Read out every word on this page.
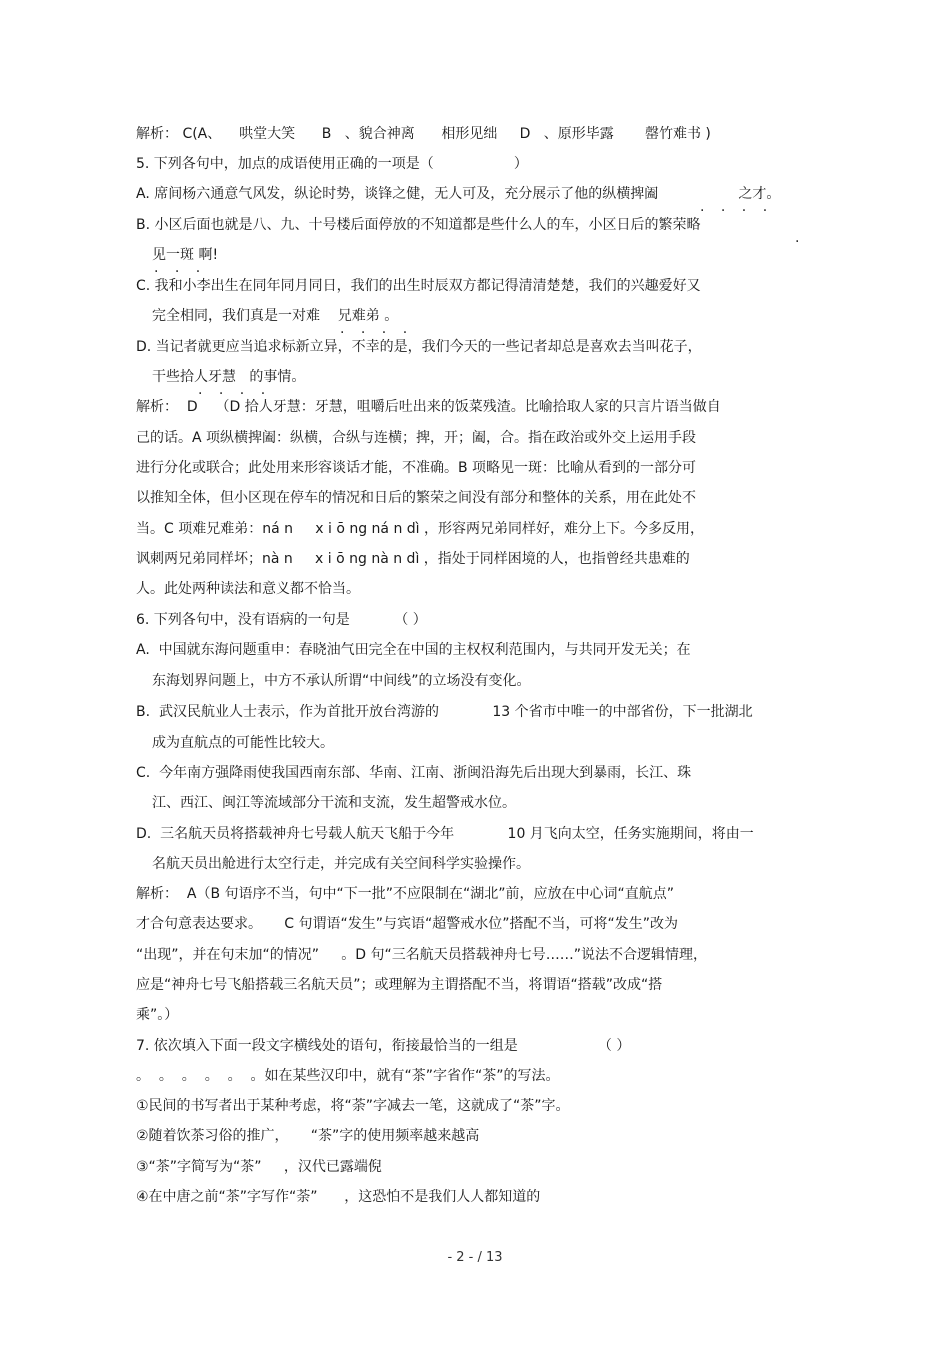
解析： C(A、    哄堂大笑      B   、貌合神离      相形见绌     D   、原形毕露       罄竹难书 )
5. 下列各句中，加点的成语使用正确的一项是（                  ）
A. 席间杨六通意气风发，纵论时势，谈锋之健，无人可及，充分展示了他的纵横捭阖                  之才。
. . . .
B. 小区后面也就是八、九、十号楼后面停放的不知道都是些什么人的车，小区日后的繁荣略
.
见一斑 啊!
. . .
C. 我和小李出生在同年同月同日，我们的出生时辰双方都记得清清楚楚，我们的兴趣爱好又
完全相同，我们真是一对难    兄难弟 。
. . . .
D. 当记者就更应当追求标新立异，不幸的是，我们今天的一些记者却总是喜欢去当叫花子，
干些拾人牙慧   的事情。
. . . .
解析：  D    （D 拾人牙慧：牙慧，咀嚼后吐出来的饭菜残渣。比喻拾取人家的只言片语当做自
己的话。A 项纵横捭阖：纵横，合纵与连横；捭，开；阖，合。指在政治或外交上运用手段
进行分化或联合；此处用来形容谈话才能，不准确。B 项略见一斑：比喻从看到的一部分可
以推知全体，但小区现在停车的情况和日后的繁荣之间没有部分和整体的关系，用在此处不
当。C 项难兄难弟：ná n     x i ō ng ná n dì ，形容两兄弟同样好，难分上下。今多反用，
讽刺两兄弟同样坏；nà n     x i ō ng nà n dì ，指处于同样困境的人，也指曾经共患难的
人。此处两种读法和意义都不恰当。
6. 下列各句中，没有语病的一句是          （ ）
A.  中国就东海问题重申：春晓油气田完全在中国的主权权利范围内，与共同开发无关；在
东海划界问题上，中方不承认所谓“中间线”的立场没有变化。
B.  武汉民航业人士表示，作为首批开放台湾游的            13 个省市中唯一的中部省份，下一批湖北
成为直航点的可能性比较大。
C.  今年南方强降雨使我国西南东部、华南、江南、浙闽沿海先后出现大到暴雨，长江、珠
江、西江、闽江等流域部分干流和支流，发生超警戒水位。
D.  三名航天员将搭载神舟七号载人航天飞船于今年            10 月飞向太空，任务实施期间，将由一
名航天员出舱进行太空行走，并完成有关空间科学实验操作。
解析：  A（B 句语序不当，句中“下一批”不应限制在“湖北”前，应放在中心词“直航点”
才合句意表达要求。     C 句谓语“发生”与宾语“超警戒水位”搭配不当，可将“发生”改为
“出现”，并在句末加“的情况”     。D 句“三名航天员搭载神舟七号……”说法不合逻辑情理，
应是“神舟七号飞船搭载三名航天员”；或理解为主谓搭配不当，将谓语“搭载”改成“搭
乘”。）
7. 依次填入下面一段文字横线处的语句，衔接最恰当的一组是                  （ ）
。  。  。  。  。  。如在某些汉印中，就有“茶”字省作“茶”的写法。
①民间的书写者出于某种考虑，将“荼”字减去一笔，这就成了“茶”字。
②随着饮茶习俗的推广，     “茶”字的使用频率越来越高
③“茶”字简写为“茶”     ，汉代已露端倪
④在中唐之前“茶”字写作“荼”      ，这恐怕不是我们人人都知道的
- 2 - / 13
